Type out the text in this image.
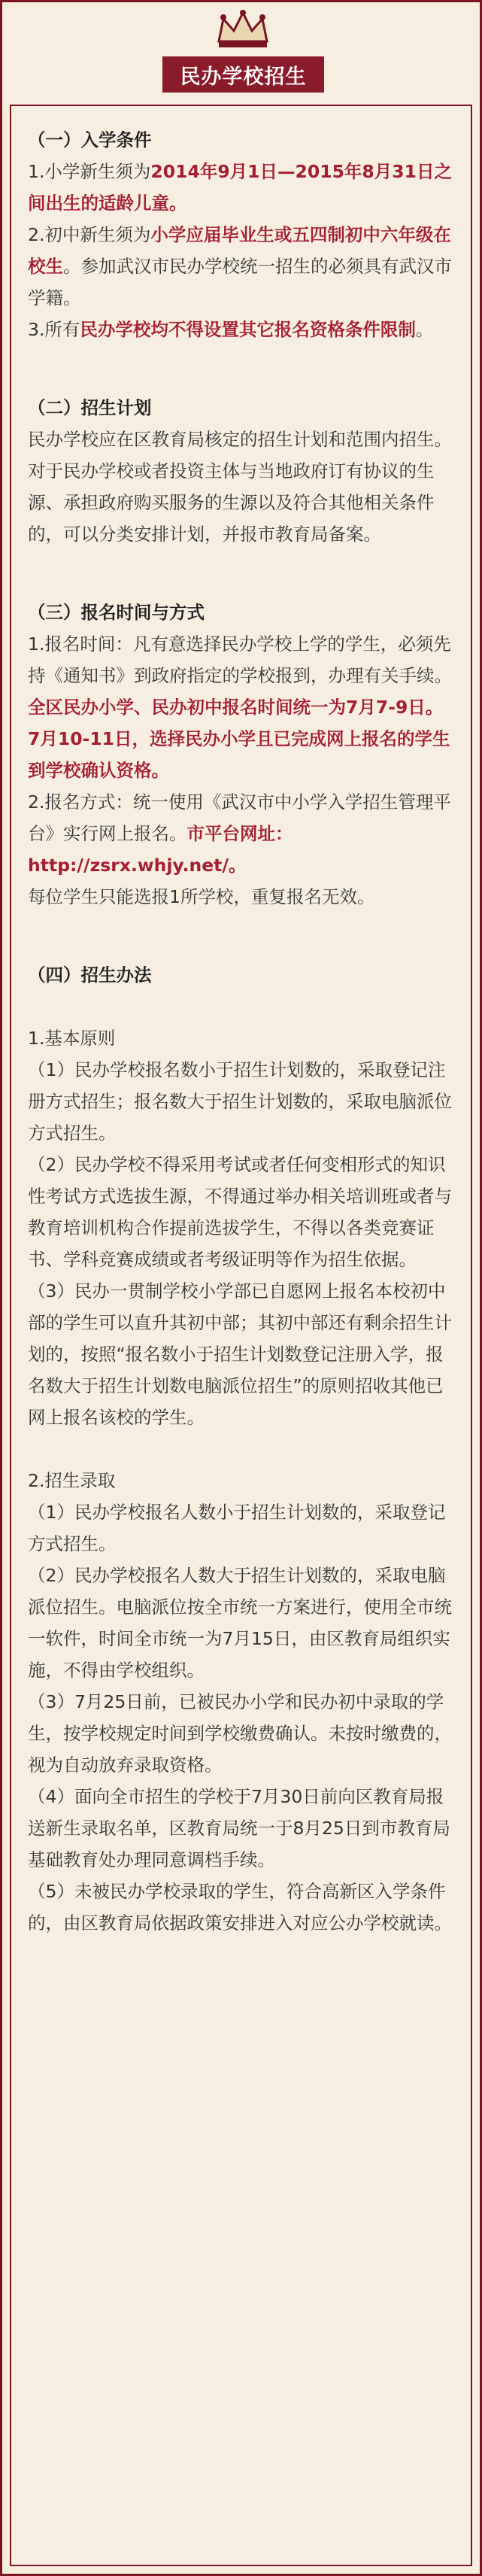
民办学校招生

（一）入学条件

1.小学新生须为2014年9月1日—2015年8月31日之间出生的适龄儿童。

2.初中新生须为小学应届毕业生或五四制初中六年级在校生。参加武汉市民办学校统一招生的必须具有武汉市学籍。

3.所有民办学校均不得设置其它报名资格条件限制。

（二）招生计划

民办学校应在区教育局核定的招生计划和范围内招生。对于民办学校或者投资主体与当地政府订有协议的生源、承担政府购买服务的生源以及符合其他相关条件的，可以分类安排计划，并报市教育局备案。

（三）报名时间与方式

1.报名时间：凡有意选择民办学校上学的学生，必须先持《通知书》到政府指定的学校报到，办理有关手续。全区民办小学、民办初中报名时间统一为7月7-9日。7月10-11日，选择民办小学且已完成网上报名的学生到学校确认资格。

2.报名方式：统一使用《武汉市中小学入学招生管理平台》实行网上报名。市平台网址：http://zsrx.whjy.net/。

每位学生只能选报1所学校，重复报名无效。

（四）招生办法

1.基本原则

（1）民办学校报名数小于招生计划数的，采取登记注册方式招生；报名数大于招生计划数的，采取电脑派位方式招生。

（2）民办学校不得采用考试或者任何变相形式的知识性考试方式选拔生源，不得通过举办相关培训班或者与教育培训机构合作提前选拔学生，不得以各类竞赛证书、学科竞赛成绩或者考级证明等作为招生依据。

（3）民办一贯制学校小学部已自愿网上报名本校初中部的学生可以直升其初中部；其初中部还有剩余招生计划的，按照“报名数小于招生计划数登记注册入学，报名数大于招生计划数电脑派位招生”的原则招收其他已网上报名该校的学生。

2.招生录取

（1）民办学校报名人数小于招生计划数的，采取登记方式招生。

（2）民办学校报名人数大于招生计划数的，采取电脑派位招生。电脑派位按全市统一方案进行，使用全市统一软件，时间全市统一为7月15日，由区教育局组织实施，不得由学校组织。

（3）7月25日前，已被民办小学和民办初中录取的学生，按学校规定时间到学校缴费确认。未按时缴费的，视为自动放弃录取资格。

（4）面向全市招生的学校于7月30日前向区教育局报送新生录取名单，区教育局统一于8月25日到市教育局基础教育处办理同意调档手续。

（5）未被民办学校录取的学生，符合高新区入学条件的，由区教育局依据政策安排进入对应公办学校就读。
